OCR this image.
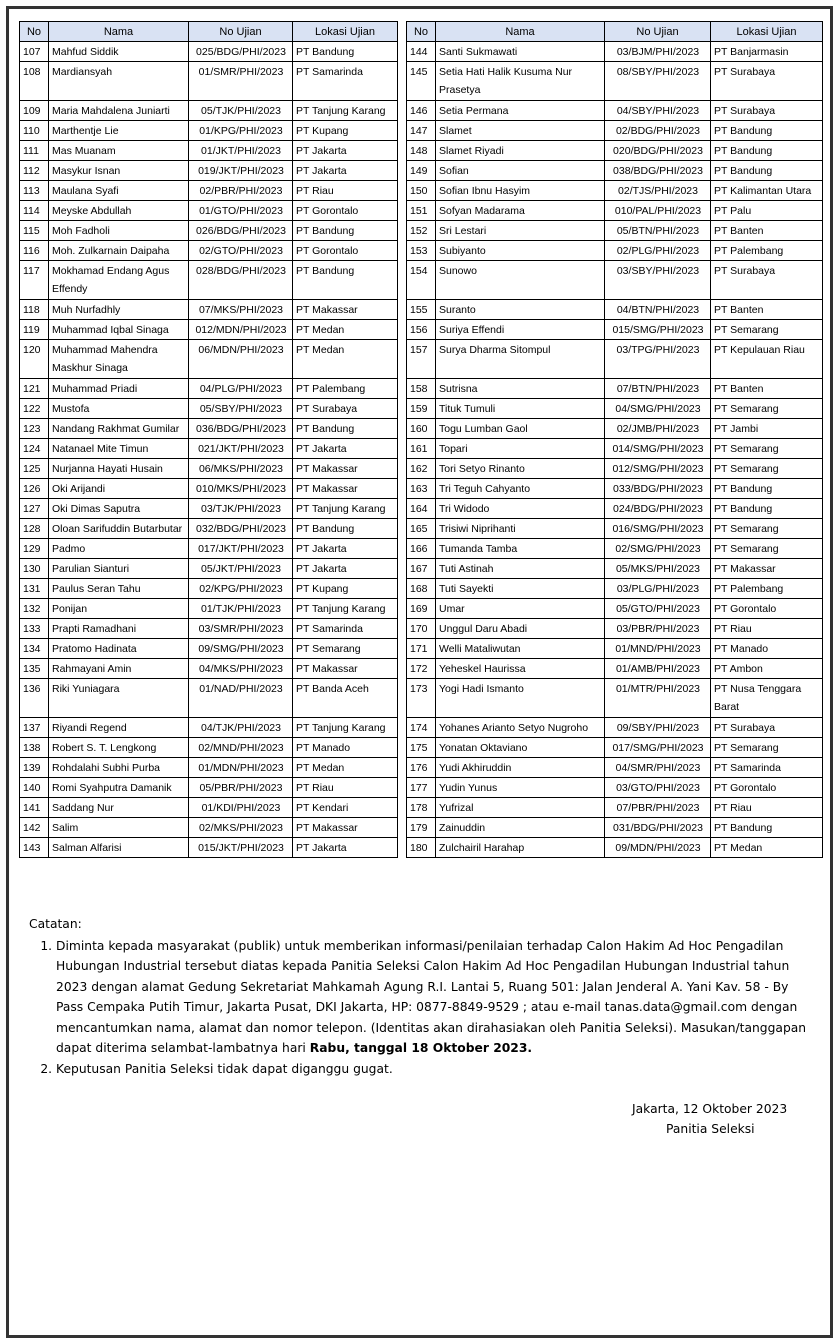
No	Nama	No Ujian	Lokasi Ujian
107	Mahfud Siddik	025/BDG/PHI/2023	PT Bandung
108	Mardiansyah	01/SMR/PHI/2023	PT Samarinda
109	Maria Mahdalena Juniarti	05/TJK/PHI/2023	PT Tanjung Karang
110	Marthentje Lie	01/KPG/PHI/2023	PT Kupang
111	Mas Muanam	01/JKT/PHI/2023	PT Jakarta
112	Masykur Isnan	019/JKT/PHI/2023	PT Jakarta
113	Maulana Syafi	02/PBR/PHI/2023	PT Riau
114	Meyske Abdullah	01/GTO/PHI/2023	PT Gorontalo
115	Moh Fadholi	026/BDG/PHI/2023	PT Bandung
116	Moh. Zulkarnain Daipaha	02/GTO/PHI/2023	PT Gorontalo
117	Mokhamad Endang Agus Effendy	028/BDG/PHI/2023	PT Bandung
118	Muh Nurfadhly	07/MKS/PHI/2023	PT Makassar
119	Muhammad Iqbal Sinaga	012/MDN/PHI/2023	PT Medan
120	Muhammad Mahendra Maskhur Sinaga	06/MDN/PHI/2023	PT Medan
121	Muhammad Priadi	04/PLG/PHI/2023	PT Palembang
122	Mustofa	05/SBY/PHI/2023	PT Surabaya
123	Nandang Rakhmat Gumilar	036/BDG/PHI/2023	PT Bandung
124	Natanael Mite Timun	021/JKT/PHI/2023	PT Jakarta
125	Nurjanna Hayati Husain	06/MKS/PHI/2023	PT Makassar
126	Oki Arijandi	010/MKS/PHI/2023	PT Makassar
127	Oki Dimas Saputra	03/TJK/PHI/2023	PT Tanjung Karang
128	Oloan Sarifuddin Butarbutar	032/BDG/PHI/2023	PT Bandung
129	Padmo	017/JKT/PHI/2023	PT Jakarta
130	Parulian Sianturi	05/JKT/PHI/2023	PT Jakarta
131	Paulus Seran Tahu	02/KPG/PHI/2023	PT Kupang
132	Ponijan	01/TJK/PHI/2023	PT Tanjung Karang
133	Prapti Ramadhani	03/SMR/PHI/2023	PT Samarinda
134	Pratomo Hadinata	09/SMG/PHI/2023	PT Semarang
135	Rahmayani Amin	04/MKS/PHI/2023	PT Makassar
136	Riki Yuniagara	01/NAD/PHI/2023	PT Banda Aceh
137	Riyandi Regend	04/TJK/PHI/2023	PT Tanjung Karang
138	Robert S. T. Lengkong	02/MND/PHI/2023	PT Manado
139	Rohdalahi Subhi Purba	01/MDN/PHI/2023	PT Medan
140	Romi Syahputra Damanik	05/PBR/PHI/2023	PT Riau
141	Saddang Nur	01/KDI/PHI/2023	PT Kendari
142	Salim	02/MKS/PHI/2023	PT Makassar
143	Salman Alfarisi	015/JKT/PHI/2023	PT Jakarta
No	Nama	No Ujian	Lokasi Ujian
144	Santi Sukmawati	03/BJM/PHI/2023	PT Banjarmasin
145	Setia Hati Halik Kusuma Nur Prasetya	08/SBY/PHI/2023	PT Surabaya
146	Setia Permana	04/SBY/PHI/2023	PT Surabaya
147	Slamet	02/BDG/PHI/2023	PT Bandung
148	Slamet Riyadi	020/BDG/PHI/2023	PT Bandung
149	Sofian	038/BDG/PHI/2023	PT Bandung
150	Sofian Ibnu Hasyim	02/TJS/PHI/2023	PT Kalimantan Utara
151	Sofyan Madarama	010/PAL/PHI/2023	PT Palu
152	Sri Lestari	05/BTN/PHI/2023	PT Banten
153	Subiyanto	02/PLG/PHI/2023	PT Palembang
154	Sunowo	03/SBY/PHI/2023	PT Surabaya
155	Suranto	04/BTN/PHI/2023	PT Banten
156	Suriya Effendi	015/SMG/PHI/2023	PT Semarang
157	Surya Dharma Sitompul	03/TPG/PHI/2023	PT Kepulauan Riau
158	Sutrisna	07/BTN/PHI/2023	PT Banten
159	Tituk Tumuli	04/SMG/PHI/2023	PT Semarang
160	Togu Lumban Gaol	02/JMB/PHI/2023	PT Jambi
161	Topari	014/SMG/PHI/2023	PT Semarang
162	Tori Setyo Rinanto	012/SMG/PHI/2023	PT Semarang
163	Tri Teguh Cahyanto	033/BDG/PHI/2023	PT Bandung
164	Tri Widodo	024/BDG/PHI/2023	PT Bandung
165	Trisiwi Niprihanti	016/SMG/PHI/2023	PT Semarang
166	Tumanda Tamba	02/SMG/PHI/2023	PT Semarang
167	Tuti Astinah	05/MKS/PHI/2023	PT Makassar
168	Tuti Sayekti	03/PLG/PHI/2023	PT Palembang
169	Umar	05/GTO/PHI/2023	PT Gorontalo
170	Unggul Daru Abadi	03/PBR/PHI/2023	PT Riau
171	Welli Mataliwutan	01/MND/PHI/2023	PT Manado
172	Yeheskel Haurissa	01/AMB/PHI/2023	PT Ambon
173	Yogi Hadi Ismanto	01/MTR/PHI/2023	PT Nusa Tenggara Barat
174	Yohanes Arianto Setyo Nugroho	09/SBY/PHI/2023	PT Surabaya
175	Yonatan Oktaviano	017/SMG/PHI/2023	PT Semarang
176	Yudi Akhiruddin	04/SMR/PHI/2023	PT Samarinda
177	Yudin Yunus	03/GTO/PHI/2023	PT Gorontalo
178	Yufrizal	07/PBR/PHI/2023	PT Riau
179	Zainuddin	031/BDG/PHI/2023	PT Bandung
180	Zulchairil Harahap	09/MDN/PHI/2023	PT Medan
Catatan:
1. Diminta kepada masyarakat (publik) untuk memberikan informasi/penilaian terhadap Calon Hakim Ad Hoc Pengadilan Hubungan Industrial tersebut diatas kepada Panitia Seleksi Calon Hakim Ad Hoc Pengadilan Hubungan Industrial tahun 2023 dengan alamat Gedung Sekretariat Mahkamah Agung R.I. Lantai 5, Ruang 501: Jalan Jenderal A. Yani Kav. 58 - By Pass Cempaka Putih Timur, Jakarta Pusat, DKI Jakarta, HP: 0877-8849-9529 ; atau e-mail tanas.data@gmail.com dengan mencantumkan nama, alamat dan nomor telepon. (Identitas akan dirahasiakan oleh Panitia Seleksi). Masukan/tanggapan dapat diterima selambat-lambatnya hari Rabu, tanggal 18 Oktober 2023.
2. Keputusan Panitia Seleksi tidak dapat diganggu gugat.
Jakarta, 12 Oktober 2023
Panitia Seleksi
